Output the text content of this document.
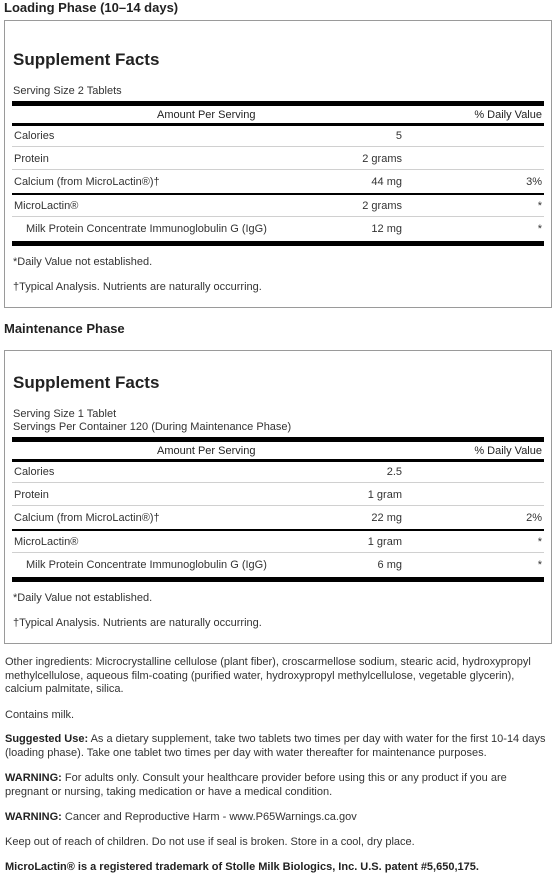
Loading Phase (10–14 days)
Supplement Facts

Serving Size 2 Tablets

Amount Per Serving	% Daily Value
Calories	5
Protein	2 grams
Calcium (from MicroLactin®)†	44 mg	3%
MicroLactin®	2 grams	*
Milk Protein Concentrate Immunoglobulin G (IgG)	12 mg	*

*Daily Value not established.

†Typical Analysis. Nutrients are naturally occurring.

Maintenance Phase
Supplement Facts

Serving Size 1 Tablet

Servings Per Container 120 (During Maintenance Phase)

Amount Per Serving	% Daily Value
Calories	2.5
Protein	1 gram
Calcium (from MicroLactin®)†	22 mg	2%
MicroLactin®	1 gram	*
Milk Protein Concentrate Immunoglobulin G (IgG)	6 mg	*

*Daily Value not established.

†Typical Analysis. Nutrients are naturally occurring.

Other ingredients: Microcrystalline cellulose (plant fiber), croscarmellose sodium, stearic acid, hydroxypropyl methylcellulose, aqueous film-coating (purified water, hydroxypropyl methylcellulose, vegetable glycerin), calcium palmitate, silica.

Contains milk.

Suggested Use: As a dietary supplement, take two tablets two times per day with water for the first 10-14 days (loading phase). Take one tablet two times per day with water thereafter for maintenance purposes.

WARNING: For adults only. Consult your healthcare provider before using this or any product if you are pregnant or nursing, taking medication or have a medical condition.

WARNING: Cancer and Reproductive Harm - www.P65Warnings.ca.gov

Keep out of reach of children. Do not use if seal is broken. Store in a cool, dry place.

MicroLactin® is a registered trademark of Stolle Milk Biologics, Inc. U.S. patent #5,650,175.
